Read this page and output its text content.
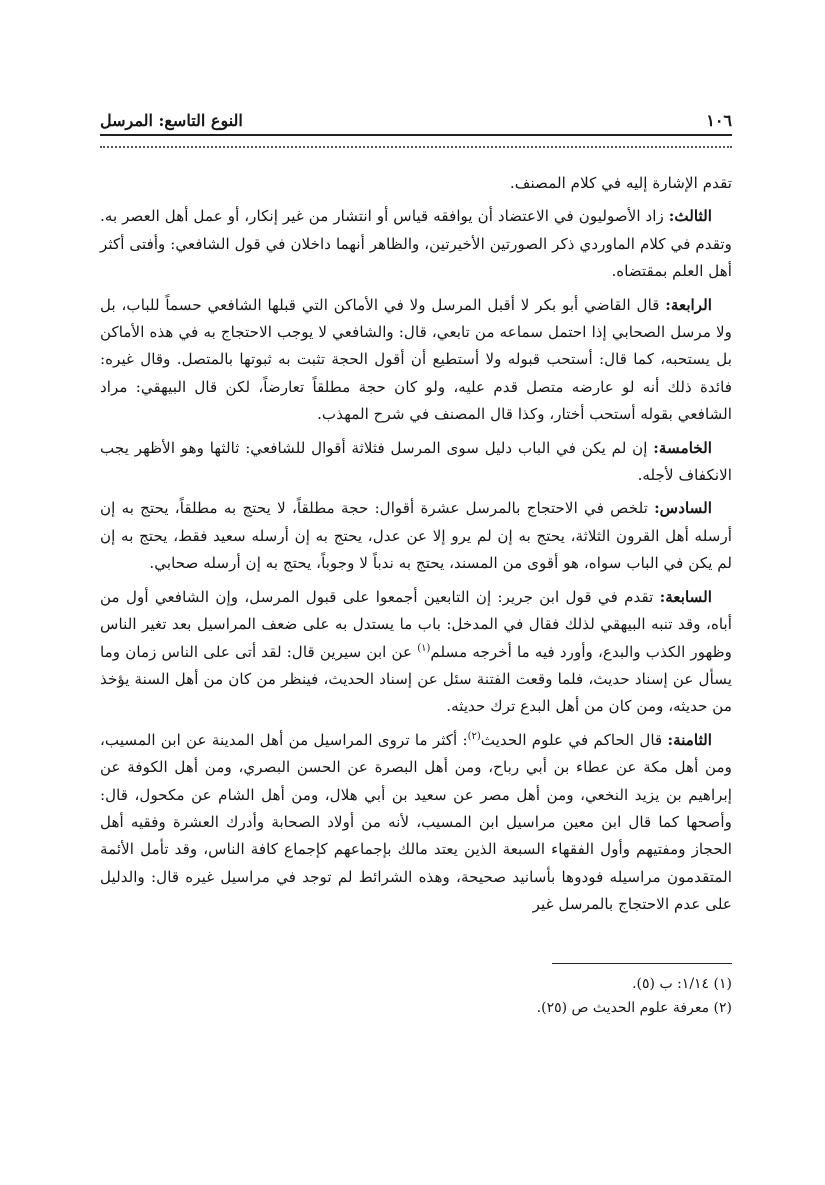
١٠٦
النوع التاسع: المرسل

تقدم الإشارة إليه في كلام المصنف.

الثالث: زاد الأصوليون في الاعتضاد أن يوافقه قياس أو انتشار من غير إنكار، أو عمل أهل العصر به. وتقدم في كلام الماوردي ذكر الصورتين الأخيرتين، والظاهر أنهما داخلان في قول الشافعي: وأفتى أكثر أهل العلم بمقتضاه.

الرابعة: قال القاضي أبو بكر لا أقبل المرسل ولا في الأماكن التي قبلها الشافعي حسماً للباب، بل ولا مرسل الصحابي إذا احتمل سماعه من تابعي، قال: والشافعي لا يوجب الاحتجاج به في هذه الأماكن بل يستحبه، كما قال: أستحب قبوله ولا أستطيع أن أقول الحجة تثبت به ثبوتها بالمتصل. وقال غيره: فائدة ذلك أنه لو عارضه متصل قدم عليه، ولو كان حجة مطلقاً تعارضاً، لكن قال البيهقي: مراد الشافعي بقوله أستحب أختار، وكذا قال المصنف في شرح المهذب.

الخامسة: إن لم يكن في الباب دليل سوى المرسل فثلاثة أقوال للشافعي: ثالثها وهو الأظهر يجب الانكفاف لأجله.

السادس: تلخص في الاحتجاج بالمرسل عشرة أقوال: حجة مطلقاً، لا يحتج به مطلقاً، يحتج به إن أرسله أهل القرون الثلاثة، يحتج به إن لم يرو إلا عن عدل، يحتج به إن أرسله سعيد فقط، يحتج به إن لم يكن في الباب سواه، هو أقوى من المسند، يحتج به ندباً لا وجوباً، يحتج به إن أرسله صحابي.

السابعة: تقدم في قول ابن جرير: إن التابعين أجمعوا على قبول المرسل، وإن الشافعي أول من أباه، وقد تنبه البيهقي لذلك فقال في المدخل: باب ما يستدل به على ضعف المراسيل بعد تغير الناس وظهور الكذب والبدع، وأورد فيه ما أخرجه مسلم$^{(١)}$ عن ابن سيرين قال: لقد أتى على الناس زمان وما يسأل عن إسناد حديث، فلما وقعت الفتنة سئل عن إسناد الحديث، فينظر من كان من أهل السنة يؤخذ من حديثه، ومن كان من أهل البدع ترك حديثه.

الثامنة: قال الحاكم في علوم الحديث$^{(٢)}$: أكثر ما تروى المراسيل من أهل المدينة عن ابن المسيب، ومن أهل مكة عن عطاء بن أبي رباح، ومن أهل البصرة عن الحسن البصري، ومن أهل الكوفة عن إبراهيم بن يزيد النخعي، ومن أهل مصر عن سعيد بن أبي هلال، ومن أهل الشام عن مكحول، قال: وأصحها كما قال ابن معين مراسيل ابن المسيب، لأنه من أولاد الصحابة وأدرك العشرة وفقيه أهل الحجاز ومفتيهم وأول الفقهاء السبعة الذين يعتد مالك بإجماعهم كإجماع كافة الناس، وقد تأمل الأئمة المتقدمون مراسيله فودوها بأسانيد صحيحة، وهذه الشرائط لم توجد في مراسيل غيره قال: والدليل على عدم الاحتجاج بالمرسل غير

(١) ١/١٤: ب (٥).
(٢) معرفة علوم الحديث ص (٢٥).
